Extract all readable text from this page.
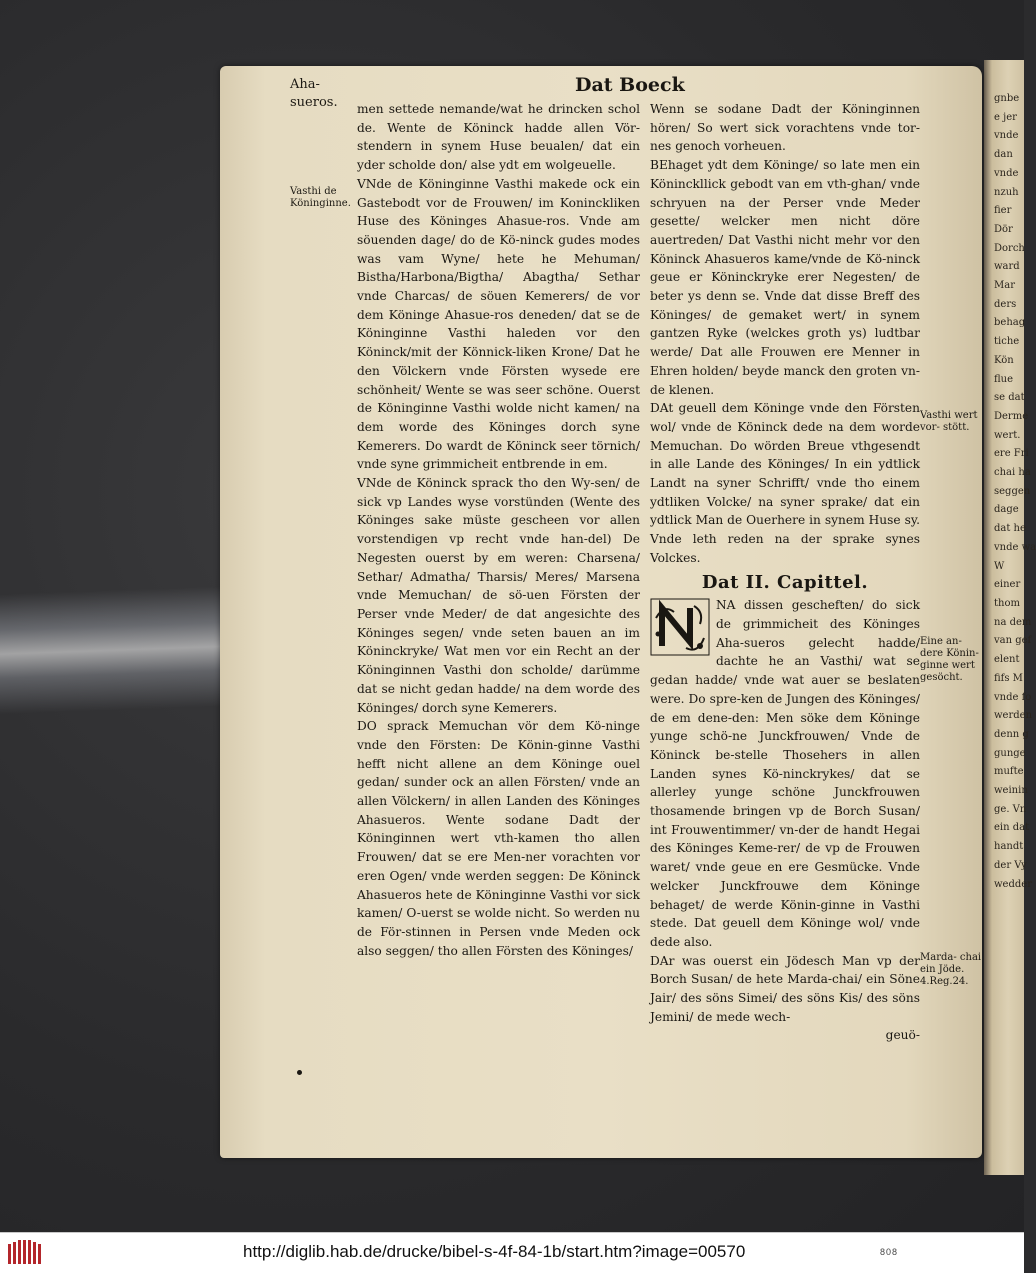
gnbe
e jer
vnde
dan
vnde
nzuh
fier
Dör
Dorch
ward
Mar
ders
behag
tiche
Kön
flue
se dat
Derme
wert.
ere Fri
chai ha
seggen
dage
dat he
vnde wa
W
einer
thom
na dem
van gef
elent
fifs M
vnde fo
werden
denn g
gunge
mufte
weinin
ge. Vn
ein dat
handt
der Vy
wedder
Aha-
sueros.
Dat Boeck
Vasthi de Köninginne.
Vasthi wert vor- stött.
Eine an- dere Könin- ginne wert gesöcht.
Marda- chai ein Jöde. 4.Reg.24.

men settede nemande/wat he drincken schol de. Wente de Köninck hadde allen Vör-stendern in synem Huse beualen/ dat ein yder scholde don/ alse ydt em wolgeuelle.

VNde de Köninginne Vasthi makede ock ein Gastebodt vor de Frouwen/ im Koninckliken Huse des Köninges Ahasue-ros. Vnde am söuenden dage/ do de Kö-ninck gudes modes was vam Wyne/ hete he Mehuman/ Bistha/Harbona/Bigtha/ Abagtha/ Sethar vnde Charcas/ de söuen Kemerers/ de vor dem Köninge Ahasue-ros deneden/ dat se de Köninginne Vasthi haleden vor den Köninck/mit der Könnick-liken Krone/ Dat he den Völckern vnde Försten wysede ere schönheit/ Wente se was seer schöne. Ouerst de Köninginne Vasthi wolde nicht kamen/ na dem worde des Köninges dorch syne Kemerers. Do wardt de Köninck seer törnich/ vnde syne grimmicheit entbrende in em.

VNde de Köninck sprack tho den Wy-sen/ de sick vp Landes wyse vorstünden (Wente des Köninges sake müste gescheen vor allen vorstendigen vp recht vnde han-del) De Negesten ouerst by em weren: Charsena/ Sethar/ Admatha/ Tharsis/ Meres/ Marsena vnde Memuchan/ de sö-uen Försten der Perser vnde Meder/ de dat angesichte des Köninges segen/ vnde seten bauen an im Köninckryke/ Wat men vor ein Recht an der Köninginnen Vasthi don scholde/ darümme dat se nicht gedan hadde/ na dem worde des Köninges/ dorch syne Kemerers.

DO sprack Memuchan vör dem Kö-ninge vnde den Försten: De Könin-ginne Vasthi hefft nicht allene an dem Köninge ouel gedan/ sunder ock an allen Försten/ vnde an allen Völckern/ in allen Landen des Köninges Ahasueros. Wente sodane Dadt der Köninginnen wert vth-kamen tho allen Frouwen/ dat se ere Men-ner vorachten vor eren Ogen/ vnde werden seggen: De Köninck Ahasueros hete de Köninginne Vasthi vor sick kamen/ O-uerst se wolde nicht. So werden nu de För-stinnen in Persen vnde Meden ock also seggen/ tho allen Försten des Köninges/

Wenn se sodane Dadt der Köninginnen hören/ So wert sick vorachtens vnde tor-nes genoch vorheuen.

BEhaget ydt dem Köninge/ so late men ein Köninckllick gebodt van em vth-ghan/ vnde schryuen na der Perser vnde Meder gesette/ welcker men nicht döre auertreden/ Dat Vasthi nicht mehr vor den Köninck Ahasueros kame/vnde de Kö-ninck geue er Köninckryke erer Negesten/ de beter ys denn se. Vnde dat disse Breff des Köninges/ de gemaket wert/ in synem gantzen Ryke (welckes groth ys) ludtbar werde/ Dat alle Frouwen ere Menner in Ehren holden/ beyde manck den groten vn-de klenen.

DAt geuell dem Köninge vnde den Försten wol/ vnde de Köninck dede na dem worde Memuchan. Do wörden Breue vthgesendt in alle Lande des Köninges/ In ein ydtlick Landt na syner Schrifft/ vnde tho einem ydtliken Volcke/ na syner sprake/ dat ein ydtlick Man de Ouerhere in synem Huse sy. Vnde leth reden na der sprake synes Volckes.

Dat II. Capittel.

NA dissen gescheften/ do sick de grimmicheit des Köninges Aha-sueros gelecht hadde/ dachte he an Vasthi/ wat se gedan hadde/ vnde wat auer se beslaten were. Do spre-ken de Jungen des Köninges/ de em dene-den: Men söke dem Köninge yunge schö-ne Junckfrouwen/ Vnde de Köninck be-stelle Thosehers in allen Landen synes Kö-ninckrykes/ dat se allerley yunge schöne Junckfrouwen thosamende bringen vp de Borch Susan/ int Frouwentimmer/ vn-der de handt Hegai des Köninges Keme-rer/ de vp de Frouwen waret/ vnde geue en ere Gesmücke. Vnde welcker Junckfrouwe dem Köninge behaget/ de werde Könin-ginne in Vasthi stede. Dat geuell dem Köninge wol/ vnde dede also.

DAr was ouerst ein Jödesch Man vp der Borch Susan/ de hete Marda-chai/ ein Söne Jair/ des söns Simei/ des söns Kis/ des söns Jemini/ de mede wech-

geuö-

http://diglib.hab.de/drucke/bibel-s-4f-84-1b/start.htm?image=00570	808
